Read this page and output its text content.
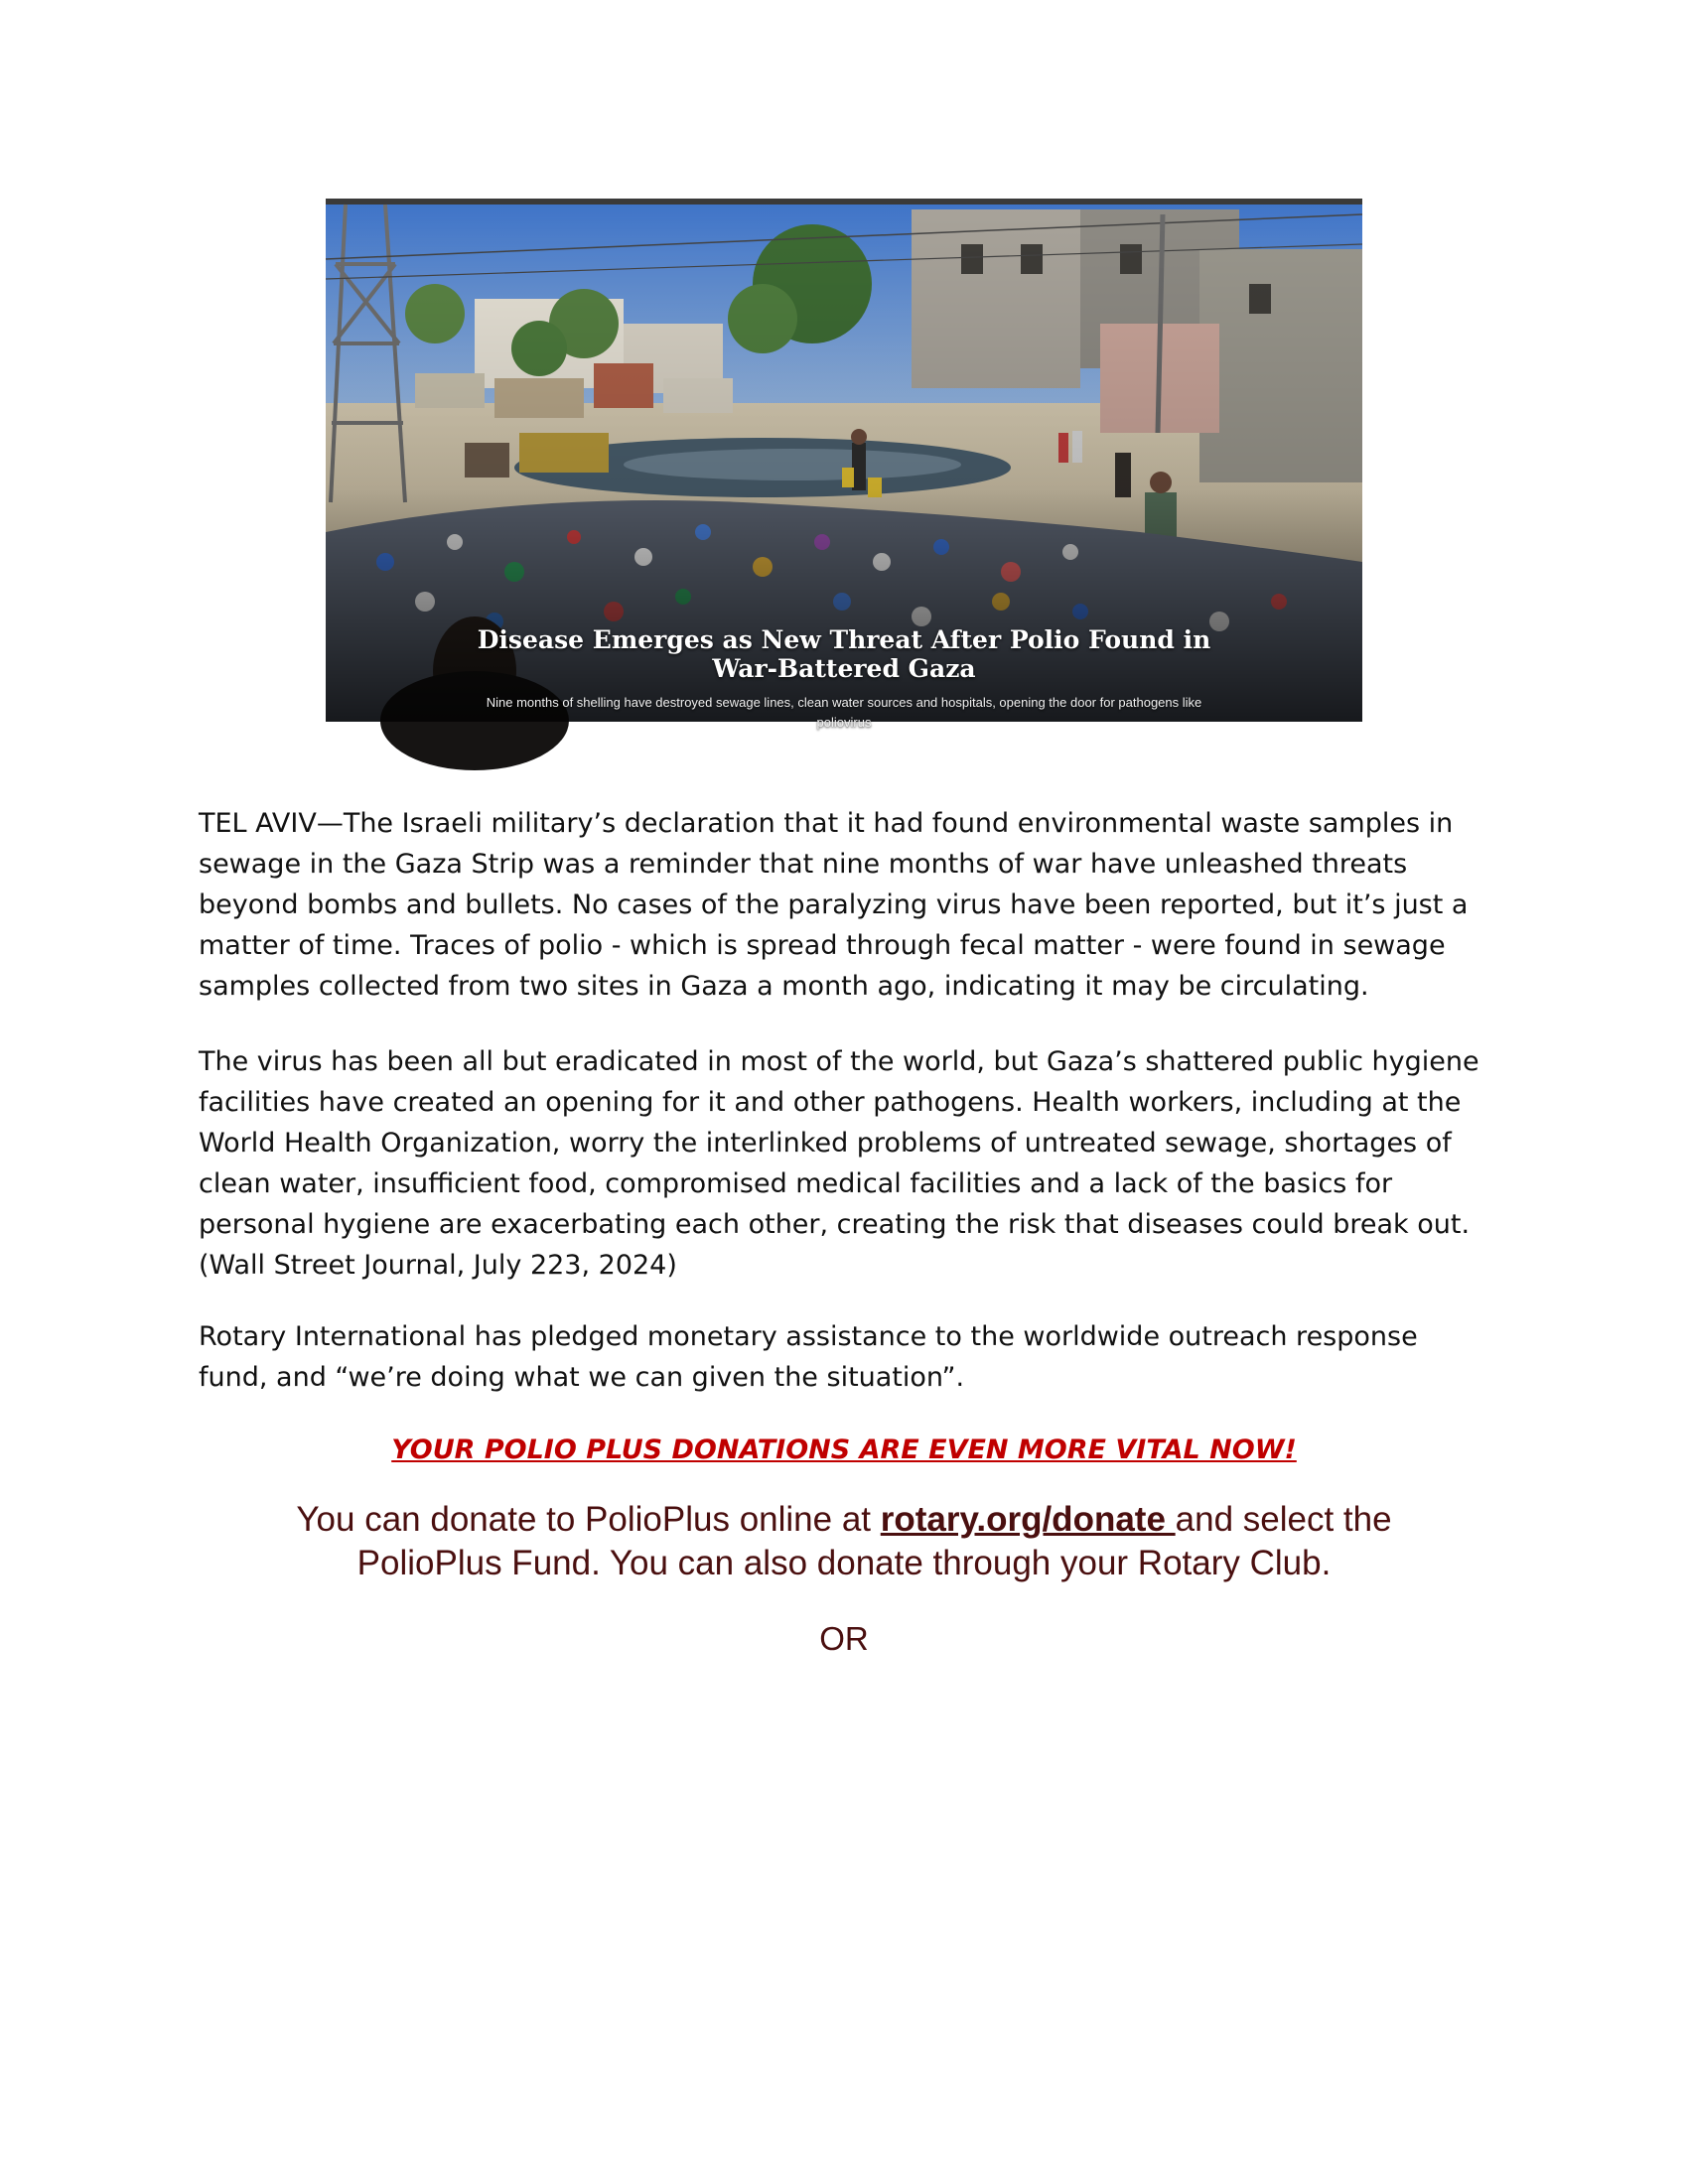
Disease Emerges as New Threat After Polio Found in War-Battered Gaza
Nine months of shelling have destroyed sewage lines, clean water sources and hospitals, opening the door for pathogens like poliovirus

TEL AVIV—The Israeli military’s declaration that it had found environmental waste samples in sewage in the Gaza Strip was a reminder that nine months of war have unleashed threats beyond bombs and bullets. No cases of the paralyzing virus have been reported, but it’s just a matter of time. Traces of polio - which is spread through fecal matter - were found in sewage samples collected from two sites in Gaza a month ago, indicating it may be circulating.

The virus has been all but eradicated in most of the world, but Gaza’s shattered public hygiene facilities have created an opening for it and other pathogens. Health workers, including at the World Health Organization, worry the interlinked problems of untreated sewage, shortages of clean water, insufficient food, compromised medical facilities and a lack of the basics for personal hygiene are exacerbating each other, creating the risk that diseases could break out. (Wall Street Journal, July 223, 2024)

Rotary International has pledged monetary assistance to the worldwide outreach response fund, and “we’re doing what we can given the situation”.

YOUR POLIO PLUS DONATIONS ARE EVEN MORE VITAL NOW!
You can donate to PolioPlus online at rotary.org/donate and select the PolioPlus Fund. You can also donate through your Rotary Club.
OR
